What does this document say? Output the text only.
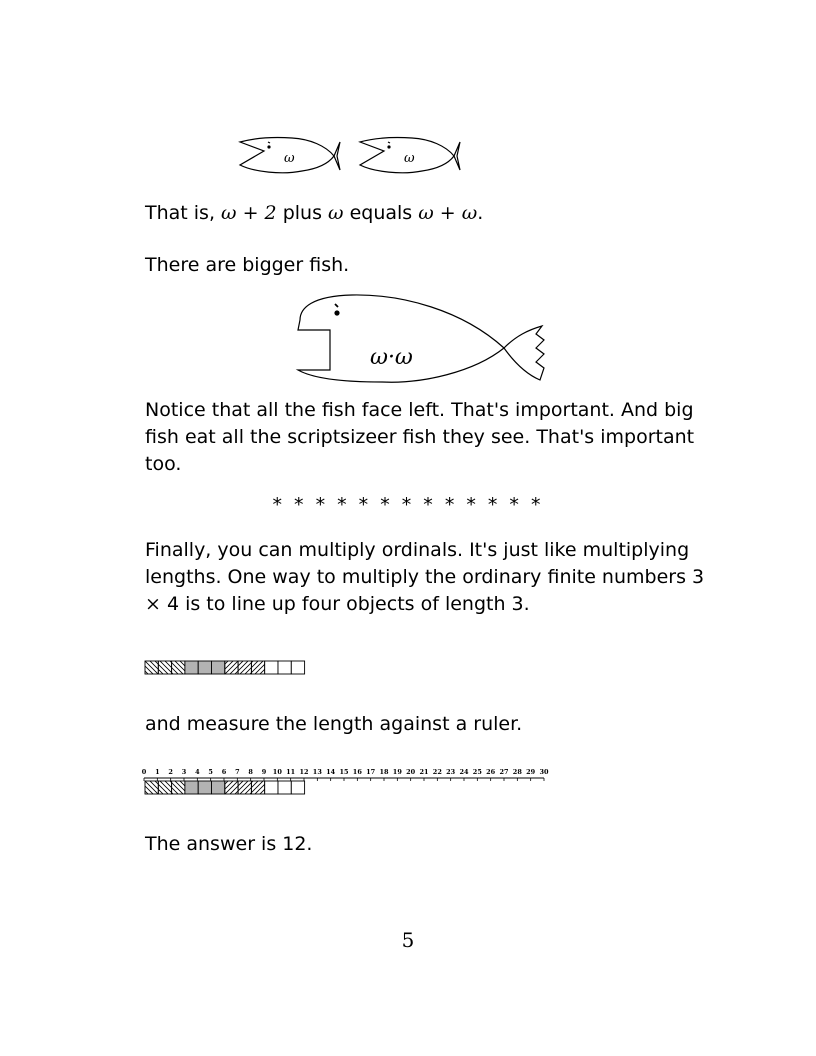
ω	ω
That is, ω + 2 plus ω equals ω + ω.
There are bigger fish.
ω·ω
Notice that all the fish face left. That's important. And big
fish eat all the scriptsizeer fish they see. That's important
too.
* * * * * * * * * * * * *
Finally, you can multiply ordinals. It's just like multiplying
lengths. One way to multiply the ordinary finite numbers 3
× 4 is to line up four objects of length 3.
and measure the length against a ruler.
0 1 2 3 4 5 6 7 8 9 10 11 12 13 14 15 16 17 18 19 20 21 22 23 24 25 26 27 28 29 30
The answer is 12.
5
